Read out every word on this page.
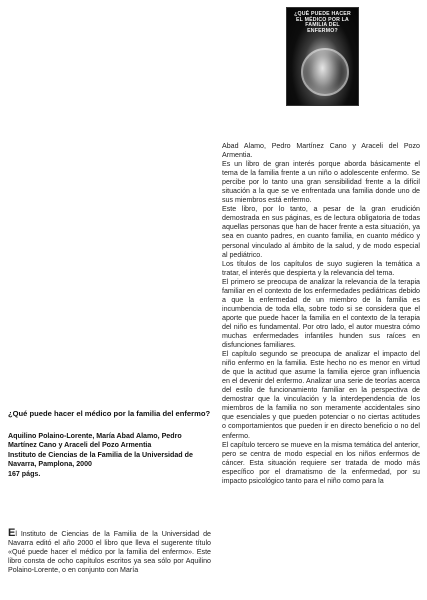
¿QUÉ PUEDE HACER EL MÉDICO POR LA FAMILIA DEL ENFERMO?

Abad Alamo, Pedro Martínez Cano y Araceli del Pozo Armentia.

Es un libro de gran interés porque aborda básicamente el tema de la familia frente a un niño o adolescente enfermo. Se percibe por lo tanto una gran sensibilidad frente a la difícil situación a la que se ve enfrentada una familia donde uno de sus miembros está enfermo.

Este libro, por lo tanto, a pesar de la gran erudición demostrada en sus páginas, es de lectura obligatoria de todas aquellas personas que han de hacer frente a esta situación, ya sea en cuanto padres, en cuanto familia, en cuanto médico y personal vinculado al ámbito de la salud, y de modo especial al pediátrico.

Los títulos de los capítulos de suyo sugieren la temática a tratar, el interés que despierta y la relevancia del tema.

El primero se preocupa de analizar la relevancia de la terapia familiar en el contexto de los enfermedades pediátricas debido a que la enfermedad de un miembro de la familia es incumbencia de toda ella, sobre todo si se considera que el aporte que puede hacer la familia en el contexto de la terapia del niño es fundamental. Por otro lado, el autor muestra cómo muchas enfermedades infantiles hunden sus raíces en disfunciones familiares.

El capítulo segundo se preocupa de analizar el impacto del niño enfermo en la familia. Este hecho no es menor en virtud de que la actitud que asume la familia ejerce gran influencia en el devenir del enfermo. Analizar una serie de teorías acerca del estilo de funcionamiento familiar en la perspectiva de demostrar que la vinculación y la interdependencia de los miembros de la familia no son meramente accidentales sino que esenciales y que pueden potenciar o no ciertas actitudes o comportamientos que pueden ir en directo beneficio o no del enfermo.

El capítulo tercero se mueve en la misma temática del anterior, pero se centra de modo especial en los niños enfermos de cáncer. Esta situación requiere ser tratada de modo más específico por el dramatismo de la enfermedad, por su impacto psicológico tanto para el niño como para la

¿Qué puede hacer el médico por la familia del enfermo?

Aquilino Polaino-Lorente, María Abad Alamo, Pedro Martínez Cano y Araceli del Pozo Armentia

Instituto de Ciencias de la Familia de la Universidad de Navarra, Pamplona, 2000

167 págs.

El Instituto de Ciencias de la Familia de la Universidad de Navarra editó el año 2000 el libro que lleva el sugerente título «Qué puede hacer el médico por la familia del enfermo». Este libro consta de ocho capítulos escritos ya sea sólo por Aquilino Polaino-Lorente, o en conjunto con María
